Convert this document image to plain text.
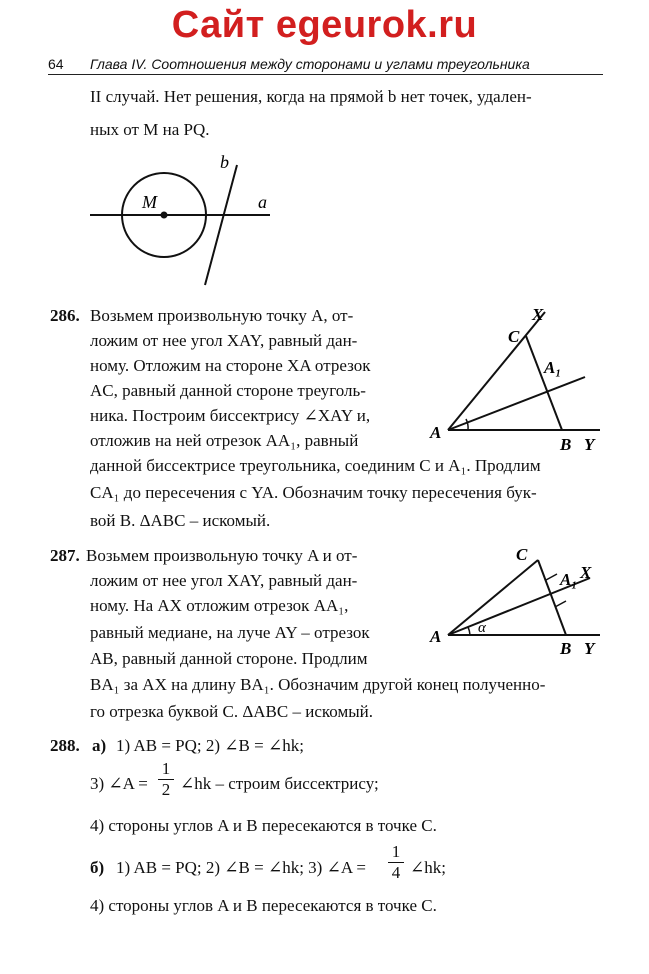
Сайт egeurok.ru
64 Глава IV. Соотношения между сторонами и углами треугольника
II случай. Нет решения, когда на прямой b нет точек, удален-
ных от M на PQ.
b
M	a
286. Возьмем произвольную точку A, от-
ложим от нее угол XAY, равный дан-
ному. Отложим на стороне XA отрезок
AC, равный данной стороне треуголь-
ника. Построим биссектрису ∠XAY и,
отложив на ней отрезок AA₁, равный
данной биссектрисе треугольника, соединим C и A₁. Продлим
CA₁ до пересечения с YA. Обозначим точку пересечения бук-
вой B. ΔABC – искомый.
X
C
A₁
A
B Y
287. Возьмем произвольную точку A и от-
ложим от нее угол XAY, равный дан-
ному. На AX отложим отрезок AA₁,
равный медиане, на луче AY – отрезок
AB, равный данной стороне. Продлим
BA₁ за AX на длину BA₁. Обозначим другой конец полученно-
го отрезка буквой C. ΔABC – искомый.
C
A₁ X
A α
B Y
288. а) 1) AB = PQ; 2) ∠B = ∠hk;
3) ∠A =
1
2 ∠hk – строим биссектрису;
4) стороны углов A и B пересекаются в точке C.
б) 1) AB = PQ; 2) ∠B = ∠hk; 3) ∠A =
1
4 ∠hk;
4) стороны углов A и B пересекаются в точке C.
